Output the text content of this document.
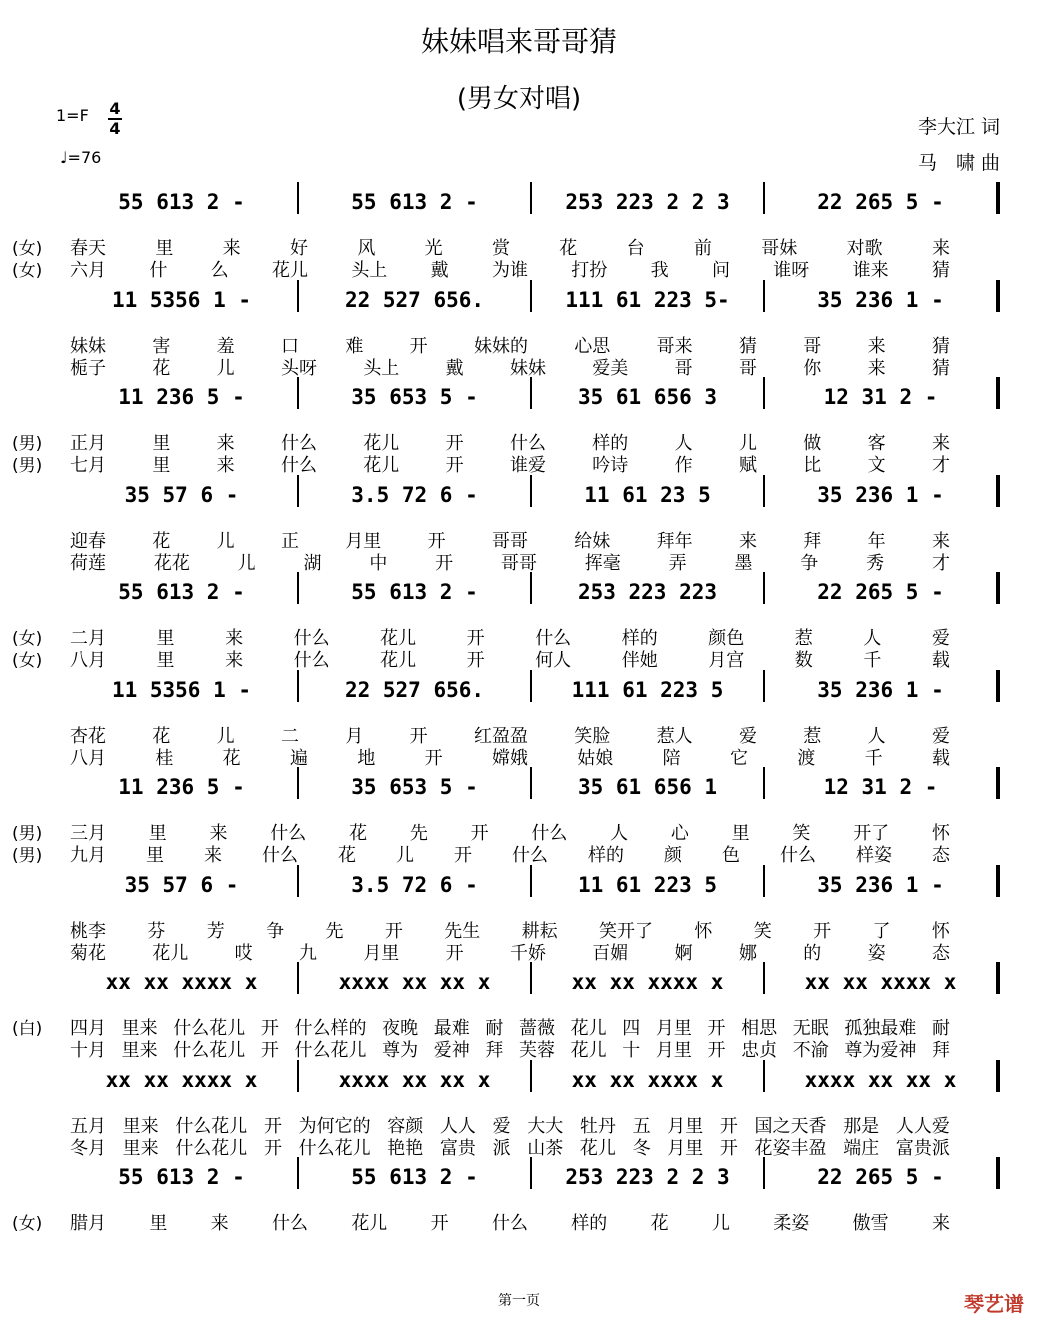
妹妹唱来哥哥猜
(男女对唱)
1=F 4
4
♩=76
李大江 词
马　啸 曲
55 613 2 -	55 613 2 -	253 223 2 2 3	22 265 5 -
(女) 春天	里	来	好	风	光	赏	花	台	前	哥妹	对歌	来
(女) 六月 什 么 花儿 头上 戴 为谁 打扮 我 问 谁呀 谁来 猜
11 5356 1 -	22 527 656.	111 61 223 5-	35 236 1 -
妹妹	害	羞	口	难	开	妹妹的	心思	哥来	猜	哥	来	猜
栀子	花	儿	头呀	头上	戴	妹妹	爱美	哥	哥	你	来	猜
11 236 5 -	35 653 5 -	35 61 656 3	12 31 2 -
(男) 正月	里	来	什么	花儿	开	什么	样的	人	儿	做	客	来
(男) 七月	里	来	什么	花儿	开	谁爱	吟诗	作	赋	比	文	才
35 57 6 -	3.5 72 6 -	11 61 23 5	35 236 1 -
迎春	花	儿	正	月里	开	哥哥	给妹	拜年	来	拜	年	来
荷莲	花花	儿	湖	中	开	哥哥	挥毫	弄	墨	争	秀	才
55 613 2 -	55 613 2 -	253 223 223	22 265 5 -
(女) 二月	里	来	什么	花儿	开	什么	样的	颜色	惹	人	爱
(女) 八月	里	来	什么	花儿	开	何人	伴她	月宫	数	千	载
11 5356 1 -	22 527 656.	111 61 223 5	35 236 1 -
杏花	花	儿	二	月	开	红盈盈	笑脸	惹人	爱	惹	人	爱
八月	桂	花	遍	地	开	嫦娥	姑娘	陪	它	渡	千	载
11 236 5 -	35 653 5 -	35 61 656 1	12 31 2 -
(男) 三月 里 来 什么 花 先 开 什么 人 心 里 笑 开了 怀
(男) 九月 里 来 什么 花 儿 开 什么 样的 颜 色 什么 样姿 态
35 57 6 -	3.5 72 6 -	11 61 223 5	35 236 1 -
桃李 芬 芳 争 先 开 先生 耕耘 笑开了 怀 笑 开 了 怀
菊花	花儿	哎	九	月里	开	千娇	百媚	婀	娜	的	姿	态
xx xx xxxx x	xxxx xx xx x	xx xx xxxx x	xx xx xxxx x
(白) 四月 里来 什么花儿 开 什么样的 夜晚 最难 耐 蔷薇 花儿 四 月里 开 相思 无眠 孤独最难 耐
十月 里来 什么花儿 开 什么花儿 尊为 爱神 拜 芙蓉 花儿 十 月里 开 忠贞 不渝 尊为爱神 拜
xx xx xxxx x	xxxx xx xx x	xx xx xxxx x	xxxx xx xx x
五月 里来 什么花儿 开 为何它的 容颜 人人 爱 大大 牡丹 五 月里 开 国之天香 那是 人人爱
冬月 里来 什么花儿 开 什么花儿 艳艳 富贵 派 山茶 花儿 冬 月里 开 花姿丰盈 端庄 富贵派
55 613 2 -	55 613 2 -	253 223 2 2 3	22 265 5 -
(女) 腊月 里 来 什么 花儿 开 什么 样的 花 儿 柔姿 傲雪 来
第一页	琴艺谱
